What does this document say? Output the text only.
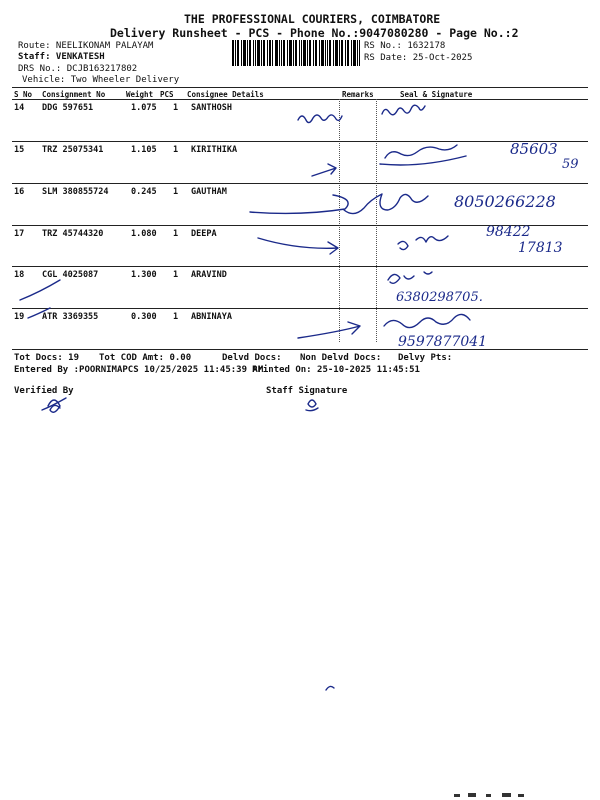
THE PROFESSIONAL COURIERS, COIMBATORE
Delivery Runsheet - PCS - Phone No.:9047080280 - Page No.:2
Route: NEELIKONAM PALAYAM
Staff: VENKATESH
DRS No.: DCJB163217802
Vehicle: Two Wheeler Delivery
RS No.: 1632178
RS Date: 25-Oct-2025
S No Consignment No	Weight PCS Consignee Details	Remarks	Seal & Signature
14 DDG 597651	1.075 1 SANTHOSH
15 TRZ 25075341	1.105 1 KIRITHIKA
16 SLM 380855724	0.245 1 GAUTHAM
17 TRZ 45744320	1.080 1 DEEPA
18 CGL 4025087	1.300 1 ARAVIND
19 ATR 3369355	0.300 1 ABNINAYA
85603
59
8050266228
98422
17813
6380298705.
9597877041
Tot Docs: 19 Tot COD Amt: 0.00	Delvd Docs: Non Delvd Docs: Delvy Pts:
Entered By :POORNIMAPCS 10/25/2025 11:45:39 AM
Printed On: 25-10-2025 11:45:51
Verified By	Staff Signature
